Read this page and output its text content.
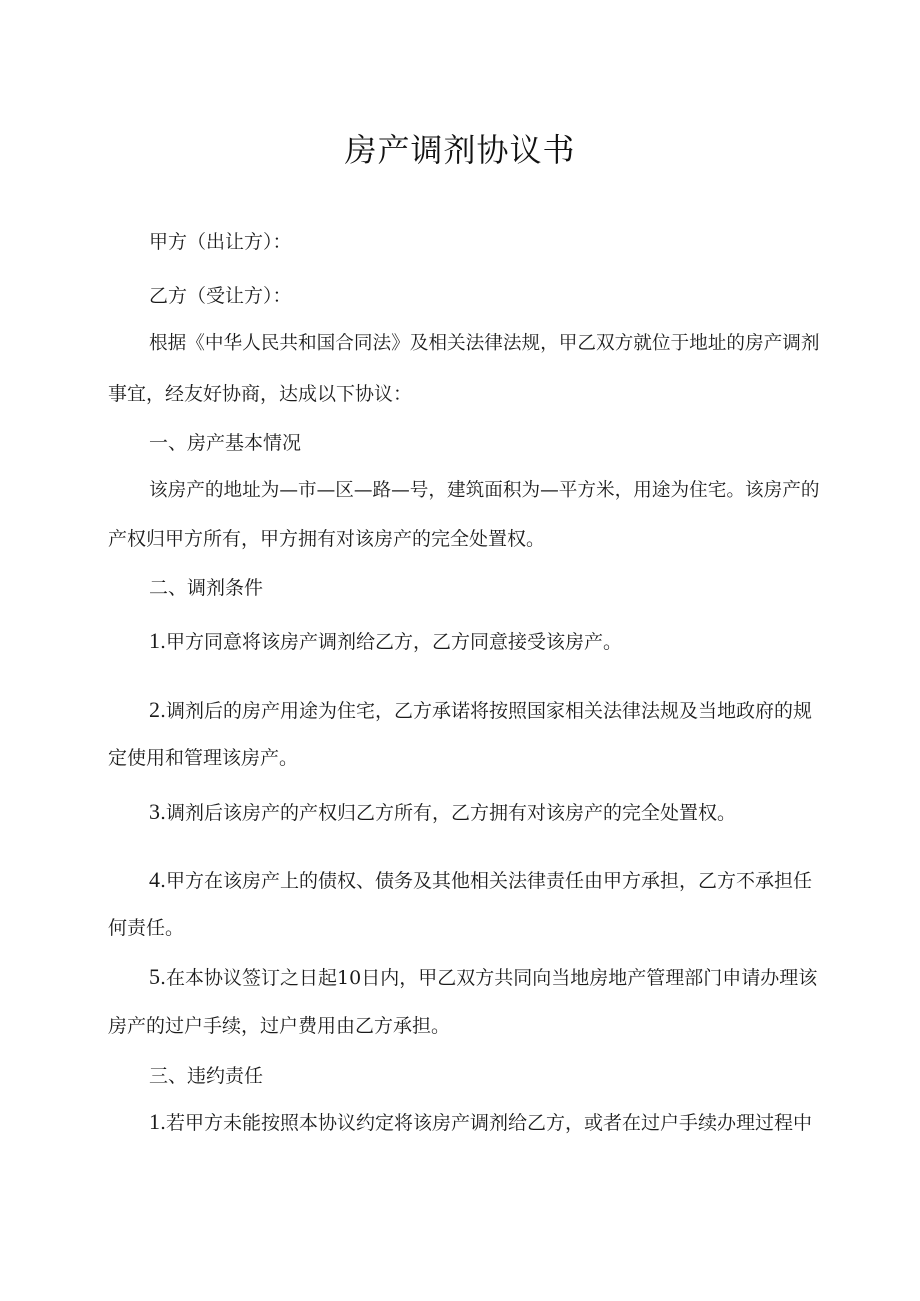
房产调剂协议书
甲方（出让方）：
乙方（受让方）：
根据《中华人民共和国合同法》及相关法律法规，甲乙双方就位于地址的房产调剂
事宜，经友好协商，达成以下协议：
一、房产基本情况
该房产的地址为—市—区—路—号，建筑面积为—平方米，用途为住宅。该房产的
产权归甲方所有，甲方拥有对该房产的完全处置权。
二、调剂条件
1.甲方同意将该房产调剂给乙方，乙方同意接受该房产。
2.调剂后的房产用途为住宅，乙方承诺将按照国家相关法律法规及当地政府的规
定使用和管理该房产。
3.调剂后该房产的产权归乙方所有，乙方拥有对该房产的完全处置权。
4.甲方在该房产上的债权、债务及其他相关法律责任由甲方承担，乙方不承担任
何责任。
5.在本协议签订之日起10日内，甲乙双方共同向当地房地产管理部门申请办理该
房产的过户手续，过户费用由乙方承担。
三、违约责任
1.若甲方未能按照本协议约定将该房产调剂给乙方，或者在过户手续办理过程中
